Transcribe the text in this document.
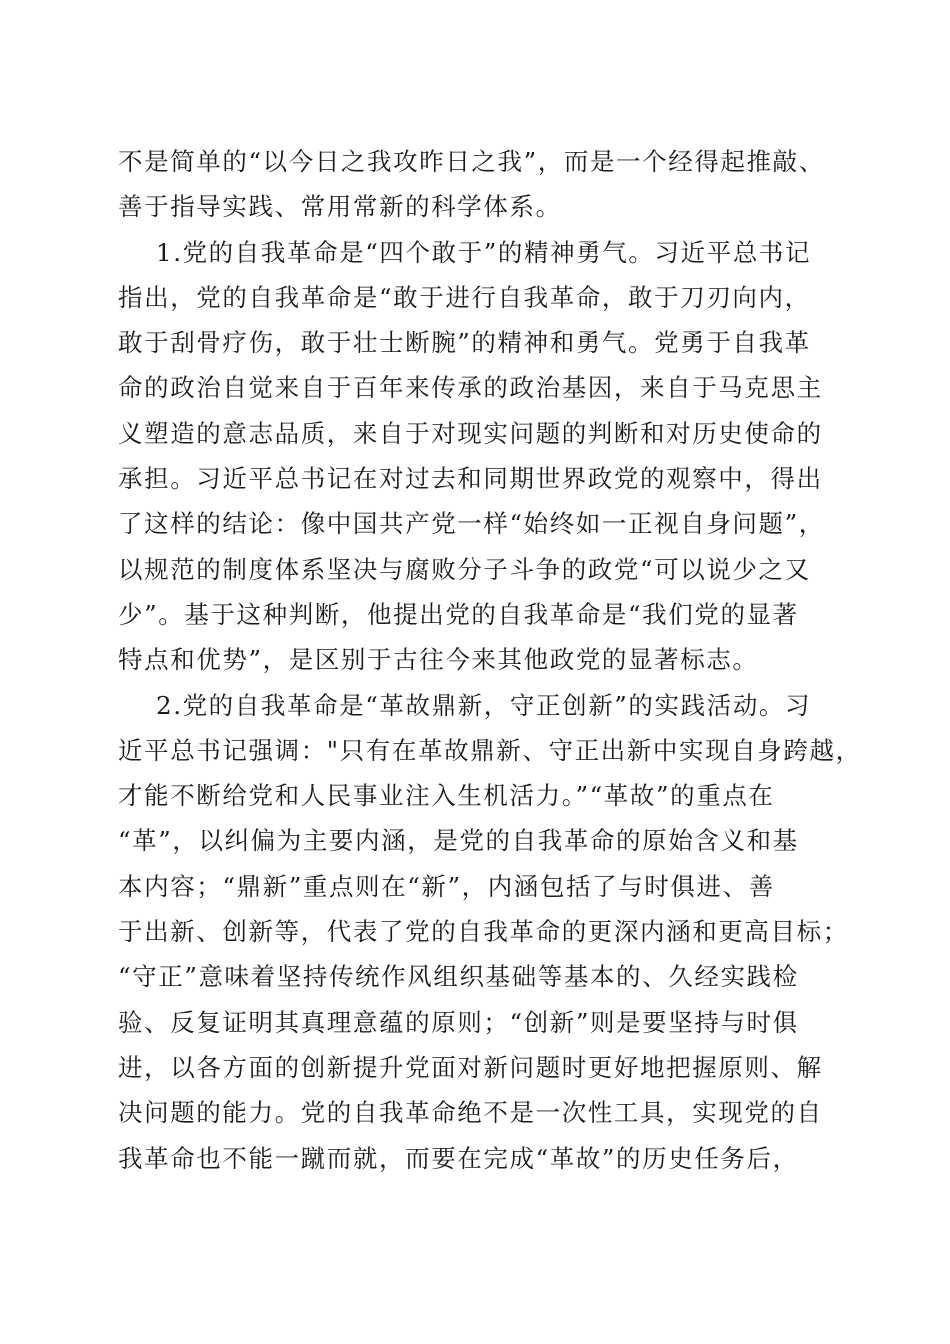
不是简单的“以今日之我攻昨日之我”，而是一个经得起推敲、
善于指导实践、常用常新的科学体系。
1.党的自我革命是“四个敢于”的精神勇气。习近平总书记
指出，党的自我革命是“敢于进行自我革命，敢于刀刃向内，
敢于刮骨疗伤，敢于壮士断腕”的精神和勇气。党勇于自我革
命的政治自觉来自于百年来传承的政治基因，来自于马克思主
义塑造的意志品质，来自于对现实问题的判断和对历史使命的
承担。习近平总书记在对过去和同期世界政党的观察中，得出
了这样的结论：像中国共产党一样“始终如一正视自身问题”，
以规范的制度体系坚决与腐败分子斗争的政党“可以说少之又
少”。基于这种判断，他提出党的自我革命是“我们党的显著
特点和优势”，是区别于古往今来其他政党的显著标志。
2.党的自我革命是“革故鼎新，守正创新”的实践活动。习
近平总书记强调："只有在革故鼎新、守正出新中实现自身跨越，
才能不断给党和人民事业注入生机活力。”“革故”的重点在
“革”，以纠偏为主要内涵，是党的自我革命的原始含义和基
本内容；“鼎新”重点则在“新”，内涵包括了与时俱进、善
于出新、创新等，代表了党的自我革命的更深内涵和更高目标；
“守正”意味着坚持传统作风组织基础等基本的、久经实践检
验、反复证明其真理意蕴的原则；“创新”则是要坚持与时俱
进，以各方面的创新提升党面对新问题时更好地把握原则、解
决问题的能力。党的自我革命绝不是一次性工具，实现党的自
我革命也不能一蹴而就，而要在完成“革故”的历史任务后，
